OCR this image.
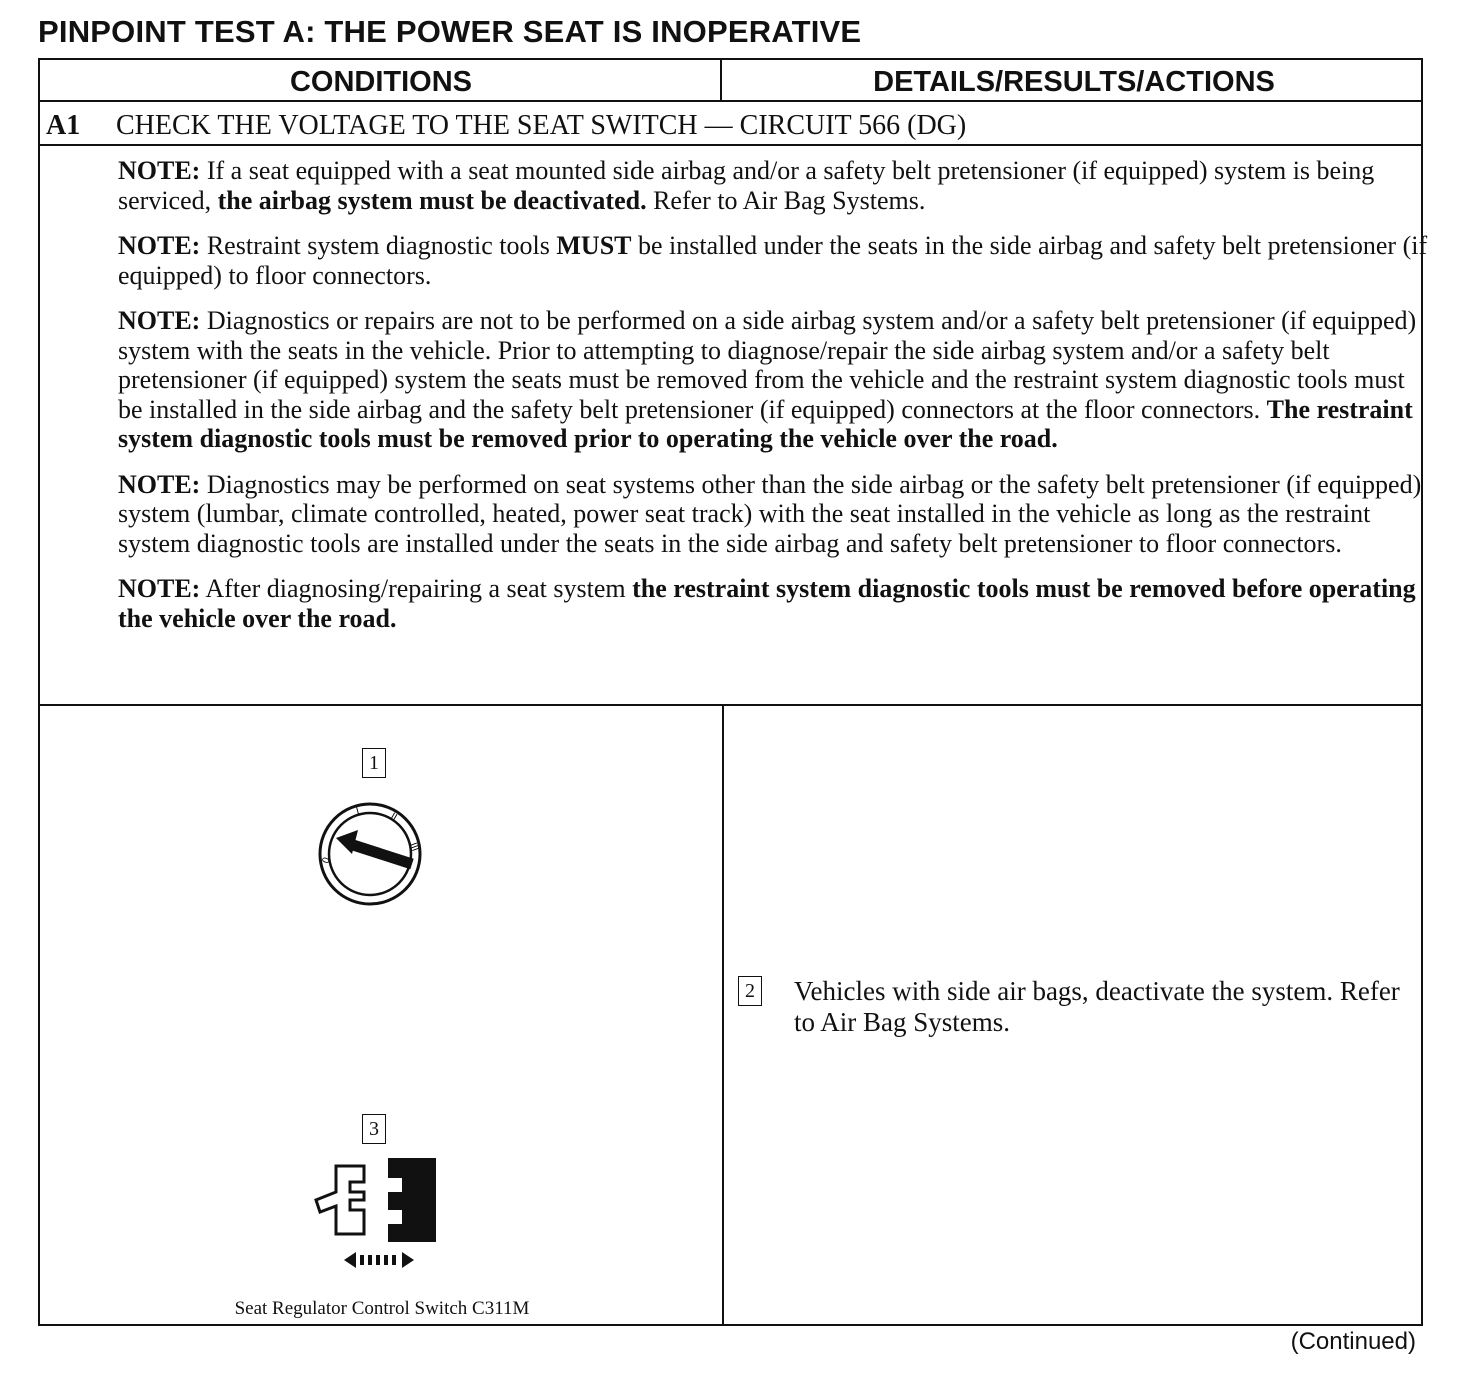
PINPOINT TEST A: THE POWER SEAT IS INOPERATIVE
CONDITIONS	DETAILS/RESULTS/ACTIONS
A1 CHECK THE VOLTAGE TO THE SEAT SWITCH — CIRCUIT 566 (DG)

NOTE: If a seat equipped with a seat mounted side airbag and/or a safety belt pretensioner (if equipped) system is being serviced, the airbag system must be deactivated. Refer to Air Bag Systems.

NOTE: Restraint system diagnostic tools MUST be installed under the seats in the side airbag and safety belt pretensioner (if equipped) to floor connectors.

NOTE: Diagnostics or repairs are not to be performed on a side airbag system and/or a safety belt pretensioner (if equipped) system with the seats in the vehicle. Prior to attempting to diagnose/repair the side airbag system and/or a safety belt pretensioner (if equipped) system the seats must be removed from the vehicle and the restraint system diagnostic tools must be installed in the side airbag and the safety belt pretensioner (if equipped) connectors at the floor connectors. The restraint system diagnostic tools must be removed prior to operating the vehicle over the road.

NOTE: Diagnostics may be performed on seat systems other than the side airbag or the safety belt pretensioner (if equipped) system (lumbar, climate controlled, heated, power seat track) with the seat installed in the vehicle as long as the restraint system diagnostic tools are installed under the seats in the side airbag and safety belt pretensioner to floor connectors.

NOTE: After diagnosing/repairing a seat system the restraint system diagnostic tools must be removed before operating the vehicle over the road.

1
0
I	II
III
3
Seat Regulator Control Switch C311M
2 Vehicles with side air bags, deactivate the system. Refer to Air Bag Systems.
(Continued)
